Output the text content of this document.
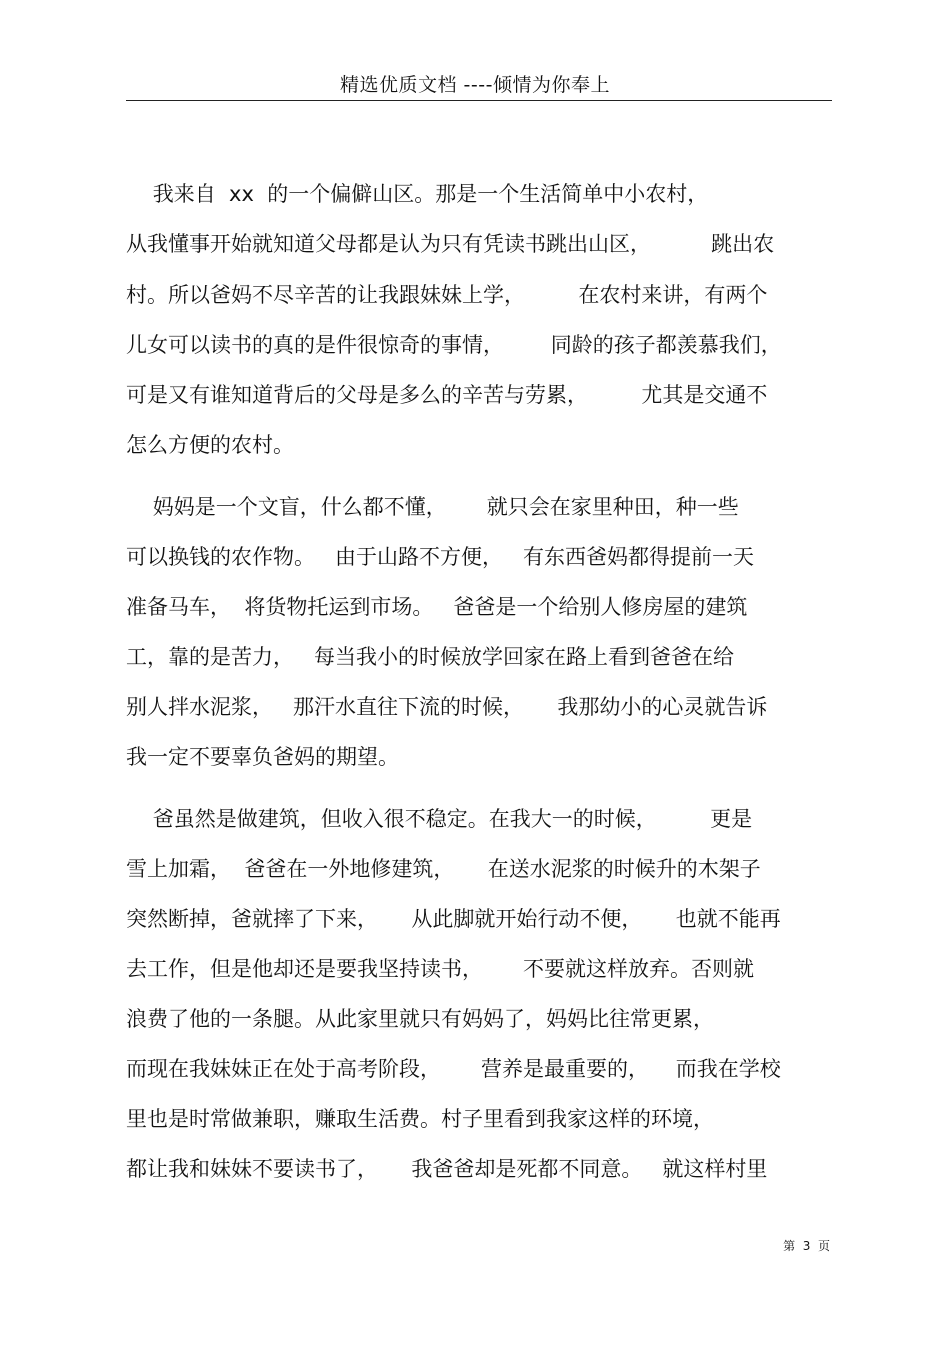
精选优质文档 ----倾情为你奉上
我来自  xx  的一个偏僻山区。那是一个生活简单中小农村，
从我懂事开始就知道父母都是认为只有凭读书跳出山区，         跳出农
村。所以爸妈不尽辛苦的让我跟妹妹上学，        在农村来讲，有两个
儿女可以读书的真的是件很惊奇的事情，       同龄的孩子都羡慕我们，
可是又有谁知道背后的父母是多么的辛苦与劳累，        尤其是交通不
怎么方便的农村。
妈妈是一个文盲，什么都不懂，      就只会在家里种田，种一些
可以换钱的农作物。   由于山路不方便，   有东西爸妈都得提前一天
准备马车，  将货物托运到市场。   爸爸是一个给别人修房屋的建筑
工，靠的是苦力，   每当我小的时候放学回家在路上看到爸爸在给
别人拌水泥浆，   那汗水直往下流的时候，     我那幼小的心灵就告诉
我一定不要辜负爸妈的期望。
爸虽然是做建筑，但收入很不稳定。在我大一的时候，        更是
雪上加霜，  爸爸在一外地修建筑，     在送水泥浆的时候升的木架子
突然断掉，爸就摔了下来，     从此脚就开始行动不便，     也就不能再
去工作，但是他却还是要我坚持读书，      不要就这样放弃。否则就
浪费了他的一条腿。从此家里就只有妈妈了，妈妈比往常更累，
而现在我妹妹正在处于高考阶段，      营养是最重要的，    而我在学校
里也是时常做兼职，赚取生活费。村子里看到我家这样的环境，
都让我和妹妹不要读书了，     我爸爸却是死都不同意。   就这样村里
第  3  页
